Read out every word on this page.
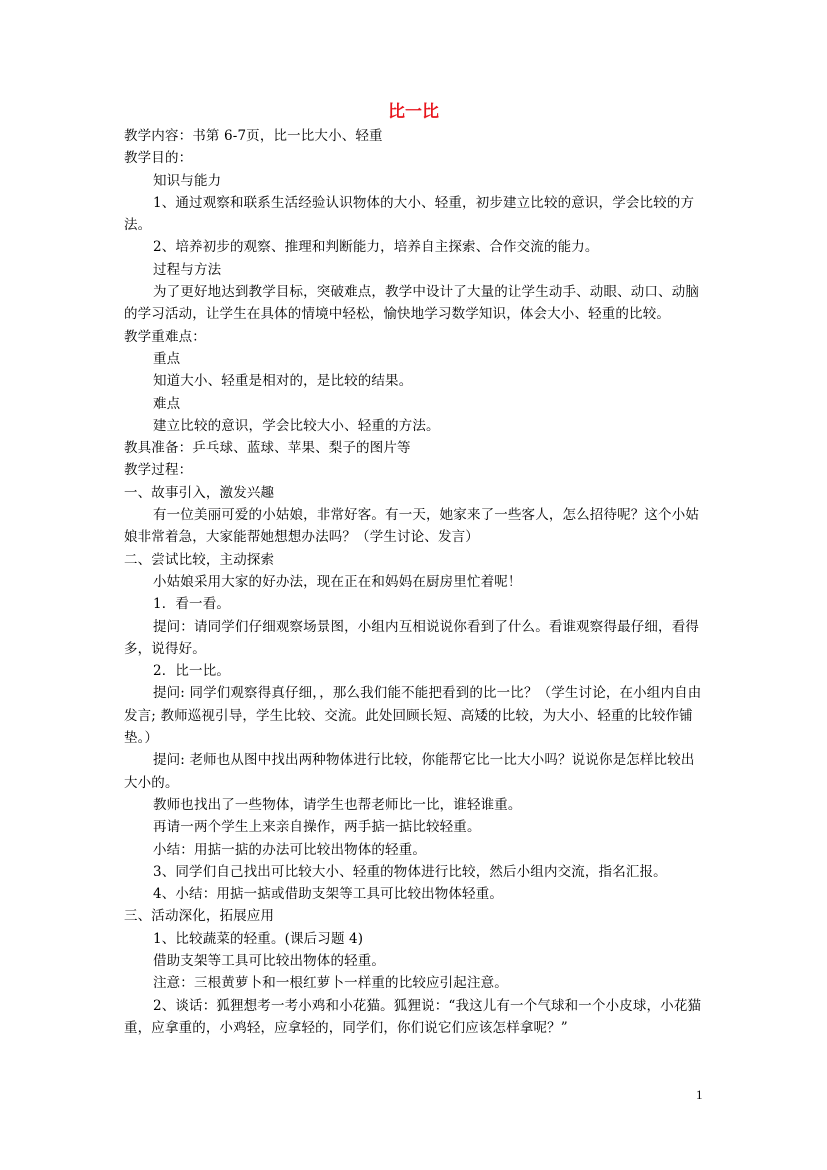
比一比

教学内容：书第 6-7页，比一比大小、轻重

教学目的：

知识与能力

1、通过观察和联系生活经验认识物体的大小、轻重，初步建立比较的意识，学会比较的方法。

2、培养初步的观察、推理和判断能力，培养自主探索、合作交流的能力。

过程与方法

为了更好地达到教学目标，突破难点，教学中设计了大量的让学生动手、动眼、动口、动脑的学习活动，让学生在具体的情境中轻松，愉快地学习数学知识，体会大小、轻重的比较。

教学重难点：

重点

知道大小、轻重是相对的，是比较的结果。

难点

建立比较的意识，学会比较大小、轻重的方法。

教具准备：乒乓球、蓝球、苹果、梨子的图片等

教学过程：

一、故事引入，激发兴趣

有一位美丽可爱的小姑娘，非常好客。有一天，她家来了一些客人，怎么招待呢？这个小姑娘非常着急，大家能帮她想想办法吗？（学生讨论、发言）

二、尝试比较，主动探索

小姑娘采用大家的好办法，现在正在和妈妈在厨房里忙着呢！

1．看一看。

提问：请同学们仔细观察场景图，小组内互相说说你看到了什么。看谁观察得最仔细，看得多，说得好。

2．比一比。

提问: 同学们观察得真仔细，，那么我们能不能把看到的比一比？（学生讨论，在小组内自由发言; 教师巡视引导，学生比较、交流。此处回顾长短、高矮的比较，为大小、轻重的比较作铺垫。）

提问: 老师也从图中找出两种物体进行比较，你能帮它比一比大小吗？说说你是怎样比较出大小的。

教师也找出了一些物体，请学生也帮老师比一比，谁轻谁重。

再请一两个学生上来亲自操作，两手掂一掂比较轻重。

小结：用掂一掂的办法可比较出物体的轻重。

3、同学们自己找出可比较大小、轻重的物体进行比较，然后小组内交流，指名汇报。

4、小结：用掂一掂或借助支架等工具可比较出物体轻重。

三、活动深化，拓展应用

1、比较蔬菜的轻重。(课后习题 4)

借助支架等工具可比较出物体的轻重。

注意：三根黄萝卜和一根红萝卜一样重的比较应引起注意。

2、谈话：狐狸想考一考小鸡和小花猫。狐狸说：“我这儿有一个气球和一个小皮球，小花猫重，应拿重的，小鸡轻，应拿轻的，同学们，你们说它们应该怎样拿呢？”

1
